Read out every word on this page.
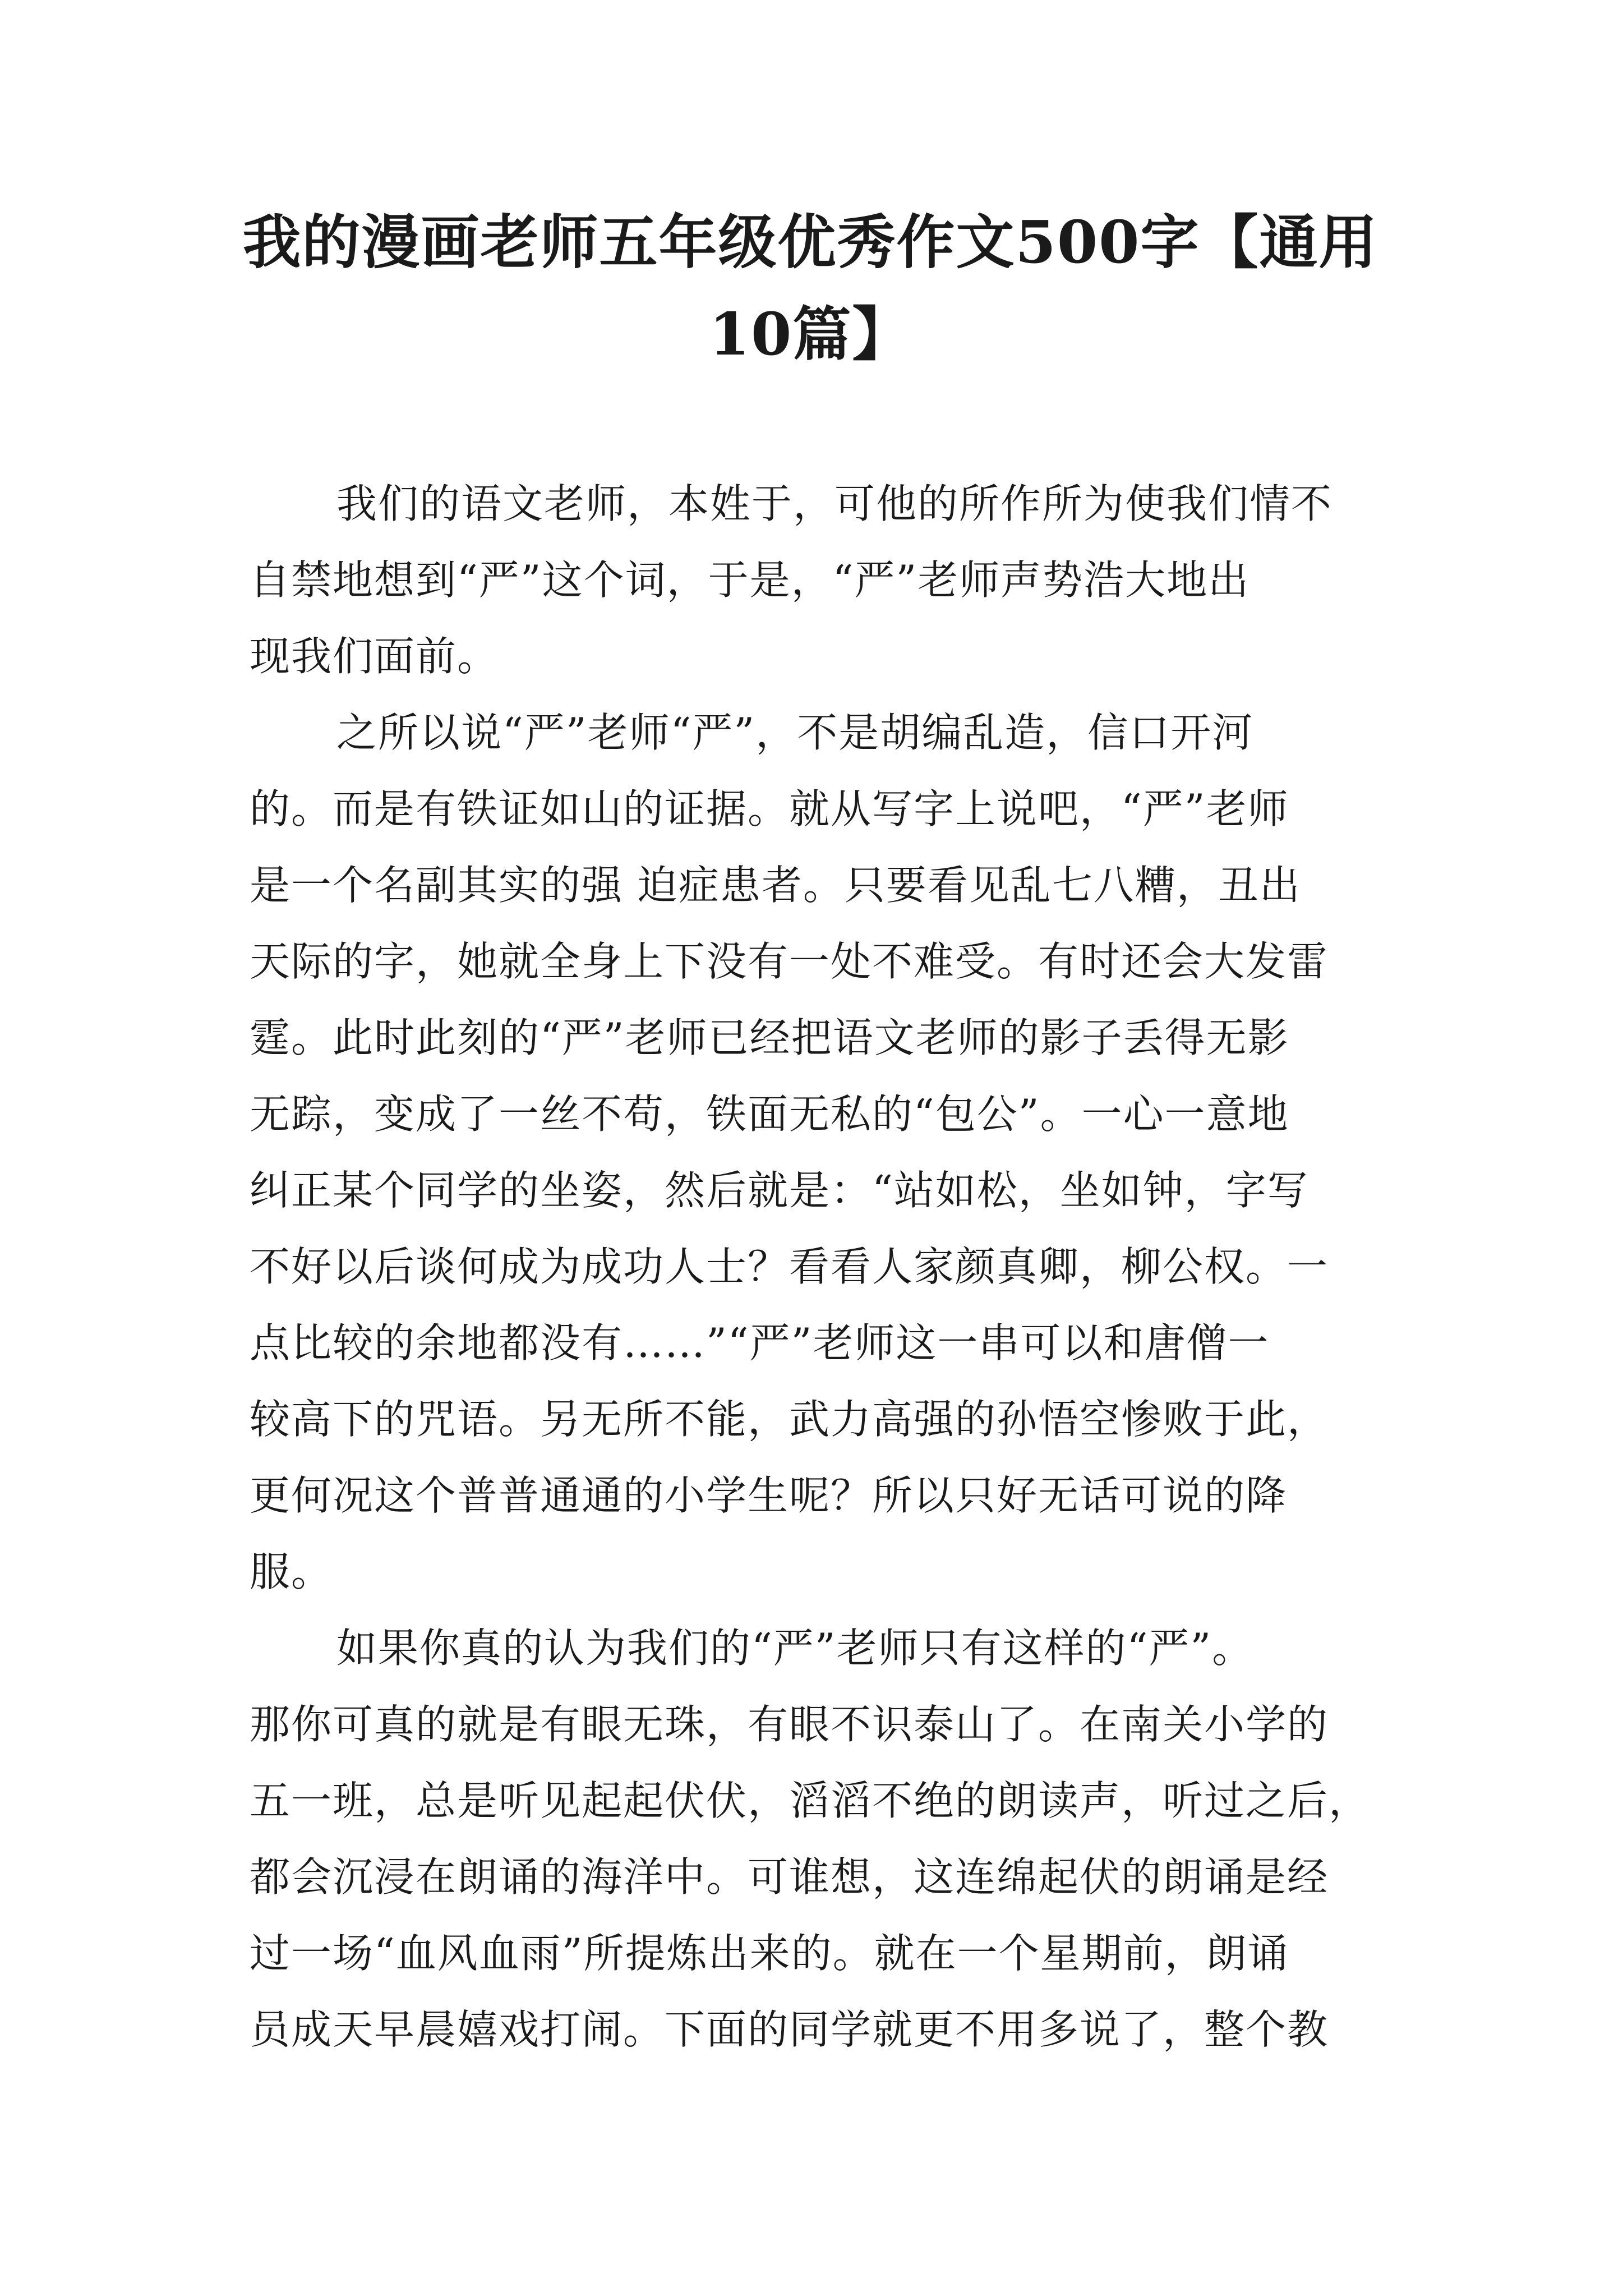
我的漫画老师五年级优秀作文500字【通用
10篇】
我们的语文老师，本姓于，可他的所作所为使我们情不
自禁地想到“严”这个词，于是，“严”老师声势浩大地出
现我们面前。
之所以说“严”老师“严”，不是胡编乱造，信口开河
的。而是有铁证如山的证据。就从写字上说吧，“严”老师
是一个名副其实的强 迫症患者。只要看见乱七八糟，丑出
天际的字，她就全身上下没有一处不难受。有时还会大发雷
霆。此时此刻的“严”老师已经把语文老师的影子丢得无影
无踪，变成了一丝不苟，铁面无私的“包公”。一心一意地
纠正某个同学的坐姿，然后就是：“站如松，坐如钟，字写
不好以后谈何成为成功人士？看看人家颜真卿，柳公权。一
点比较的余地都没有……”“严”老师这一串可以和唐僧一
较高下的咒语。另无所不能，武力高强的孙悟空惨败于此，
更何况这个普普通通的小学生呢？所以只好无话可说的降
服。
如果你真的认为我们的“严”老师只有这样的“严”。
那你可真的就是有眼无珠，有眼不识泰山了。在南关小学的
五一班，总是听见起起伏伏，滔滔不绝的朗读声，听过之后，
都会沉浸在朗诵的海洋中。可谁想，这连绵起伏的朗诵是经
过一场“血风血雨”所提炼出来的。就在一个星期前，朗诵
员成天早晨嬉戏打闹。下面的同学就更不用多说了，整个教
